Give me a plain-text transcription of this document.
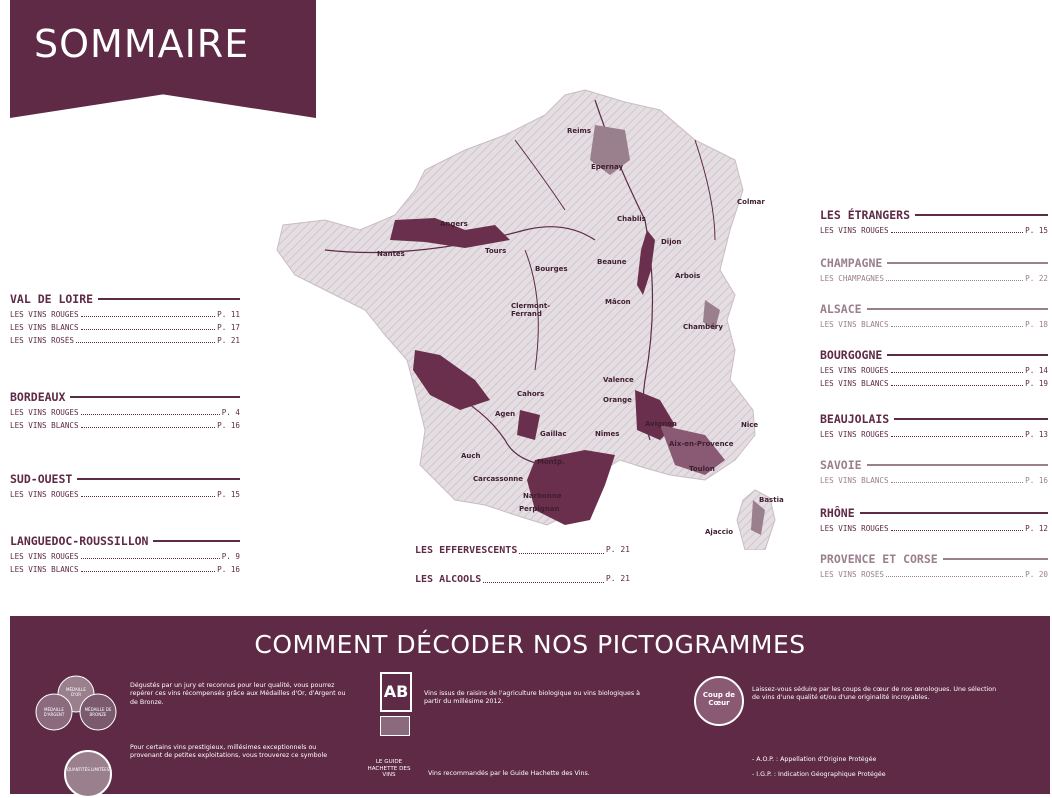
SOMMAIRE
VAL DE LOIRE
LES VINS ROUGES	P. 11
LES VINS BLANCS	P. 17
LES VINS ROSÉS	P. 21
BORDEAUX
LES VINS ROUGES	P. 4
LES VINS BLANCS	P. 16
SUD-OUEST
LES VINS ROUGES	P. 15
LANGUEDOC-ROUSSILLON
LES VINS ROUGES	P. 9
LES VINS BLANCS	P. 16
LES ÉTRANGERS
LES VINS ROUGES	P. 15
CHAMPAGNE
LES CHAMPAGNES	P. 22
ALSACE
LES VINS BLANCS	P. 18
BOURGOGNE
LES VINS ROUGES	P. 14
LES VINS BLANCS	P. 19
BEAUJOLAIS
LES VINS ROUGES	P. 13
SAVOIE
LES VINS BLANCS	P. 16
RHÔNE
LES VINS ROUGES	P. 12
PROVENCE ET CORSE
LES VINS ROSÉS	P. 20
LES EFFERVESCENTS	P. 21
LES ALCOOLS	P. 21
Reims
Épernay
Colmar
Chablis
Angers
Tours
Nantes
Dijon
Bourges
Beaune
Arbois
Mâcon
Clermont-Ferrand
Chambéry
Valence
Cahors
Agen
Orange
Gaillac
Avignon
Nîmes
Aix-en-Provence
Nice
Auch
Montp.
Toulon
Carcassonne
Narbonne
Perpignan
Bastia
Ajaccio
COMMENT DÉCODER NOS PICTOGRAMMES
MÉDAILLE D'OR
MÉDAILLE D'ARGENT
MÉDAILLE DE BRONZE
Dégustés par un jury et reconnus pour leur qualité, vous pourrez repérer ces vins récompensés grâce aux Médailles d'Or, d'Argent ou de Bronze.
QUANTITÉS LIMITÉES
Pour certains vins prestigieux, millésimes exceptionnels ou provenant de petites exploitations, vous trouverez ce symbole
AB	Vins issus de raisins de l'agriculture biologique ou vins biologiques à partir du millésime 2012.
LE GUIDE HACHETTE DES VINS	Vins recommandés par le Guide Hachette des Vins.
Coup de Cœur
Laissez-vous séduire par les coups de cœur de nos œnologues. Une sélection de vins d'une qualité et/ou d'une originalité incroyables.
- A.O.P. : Appellation d'Origine Protégée
- I.G.P. : Indication Géographique Protégée
